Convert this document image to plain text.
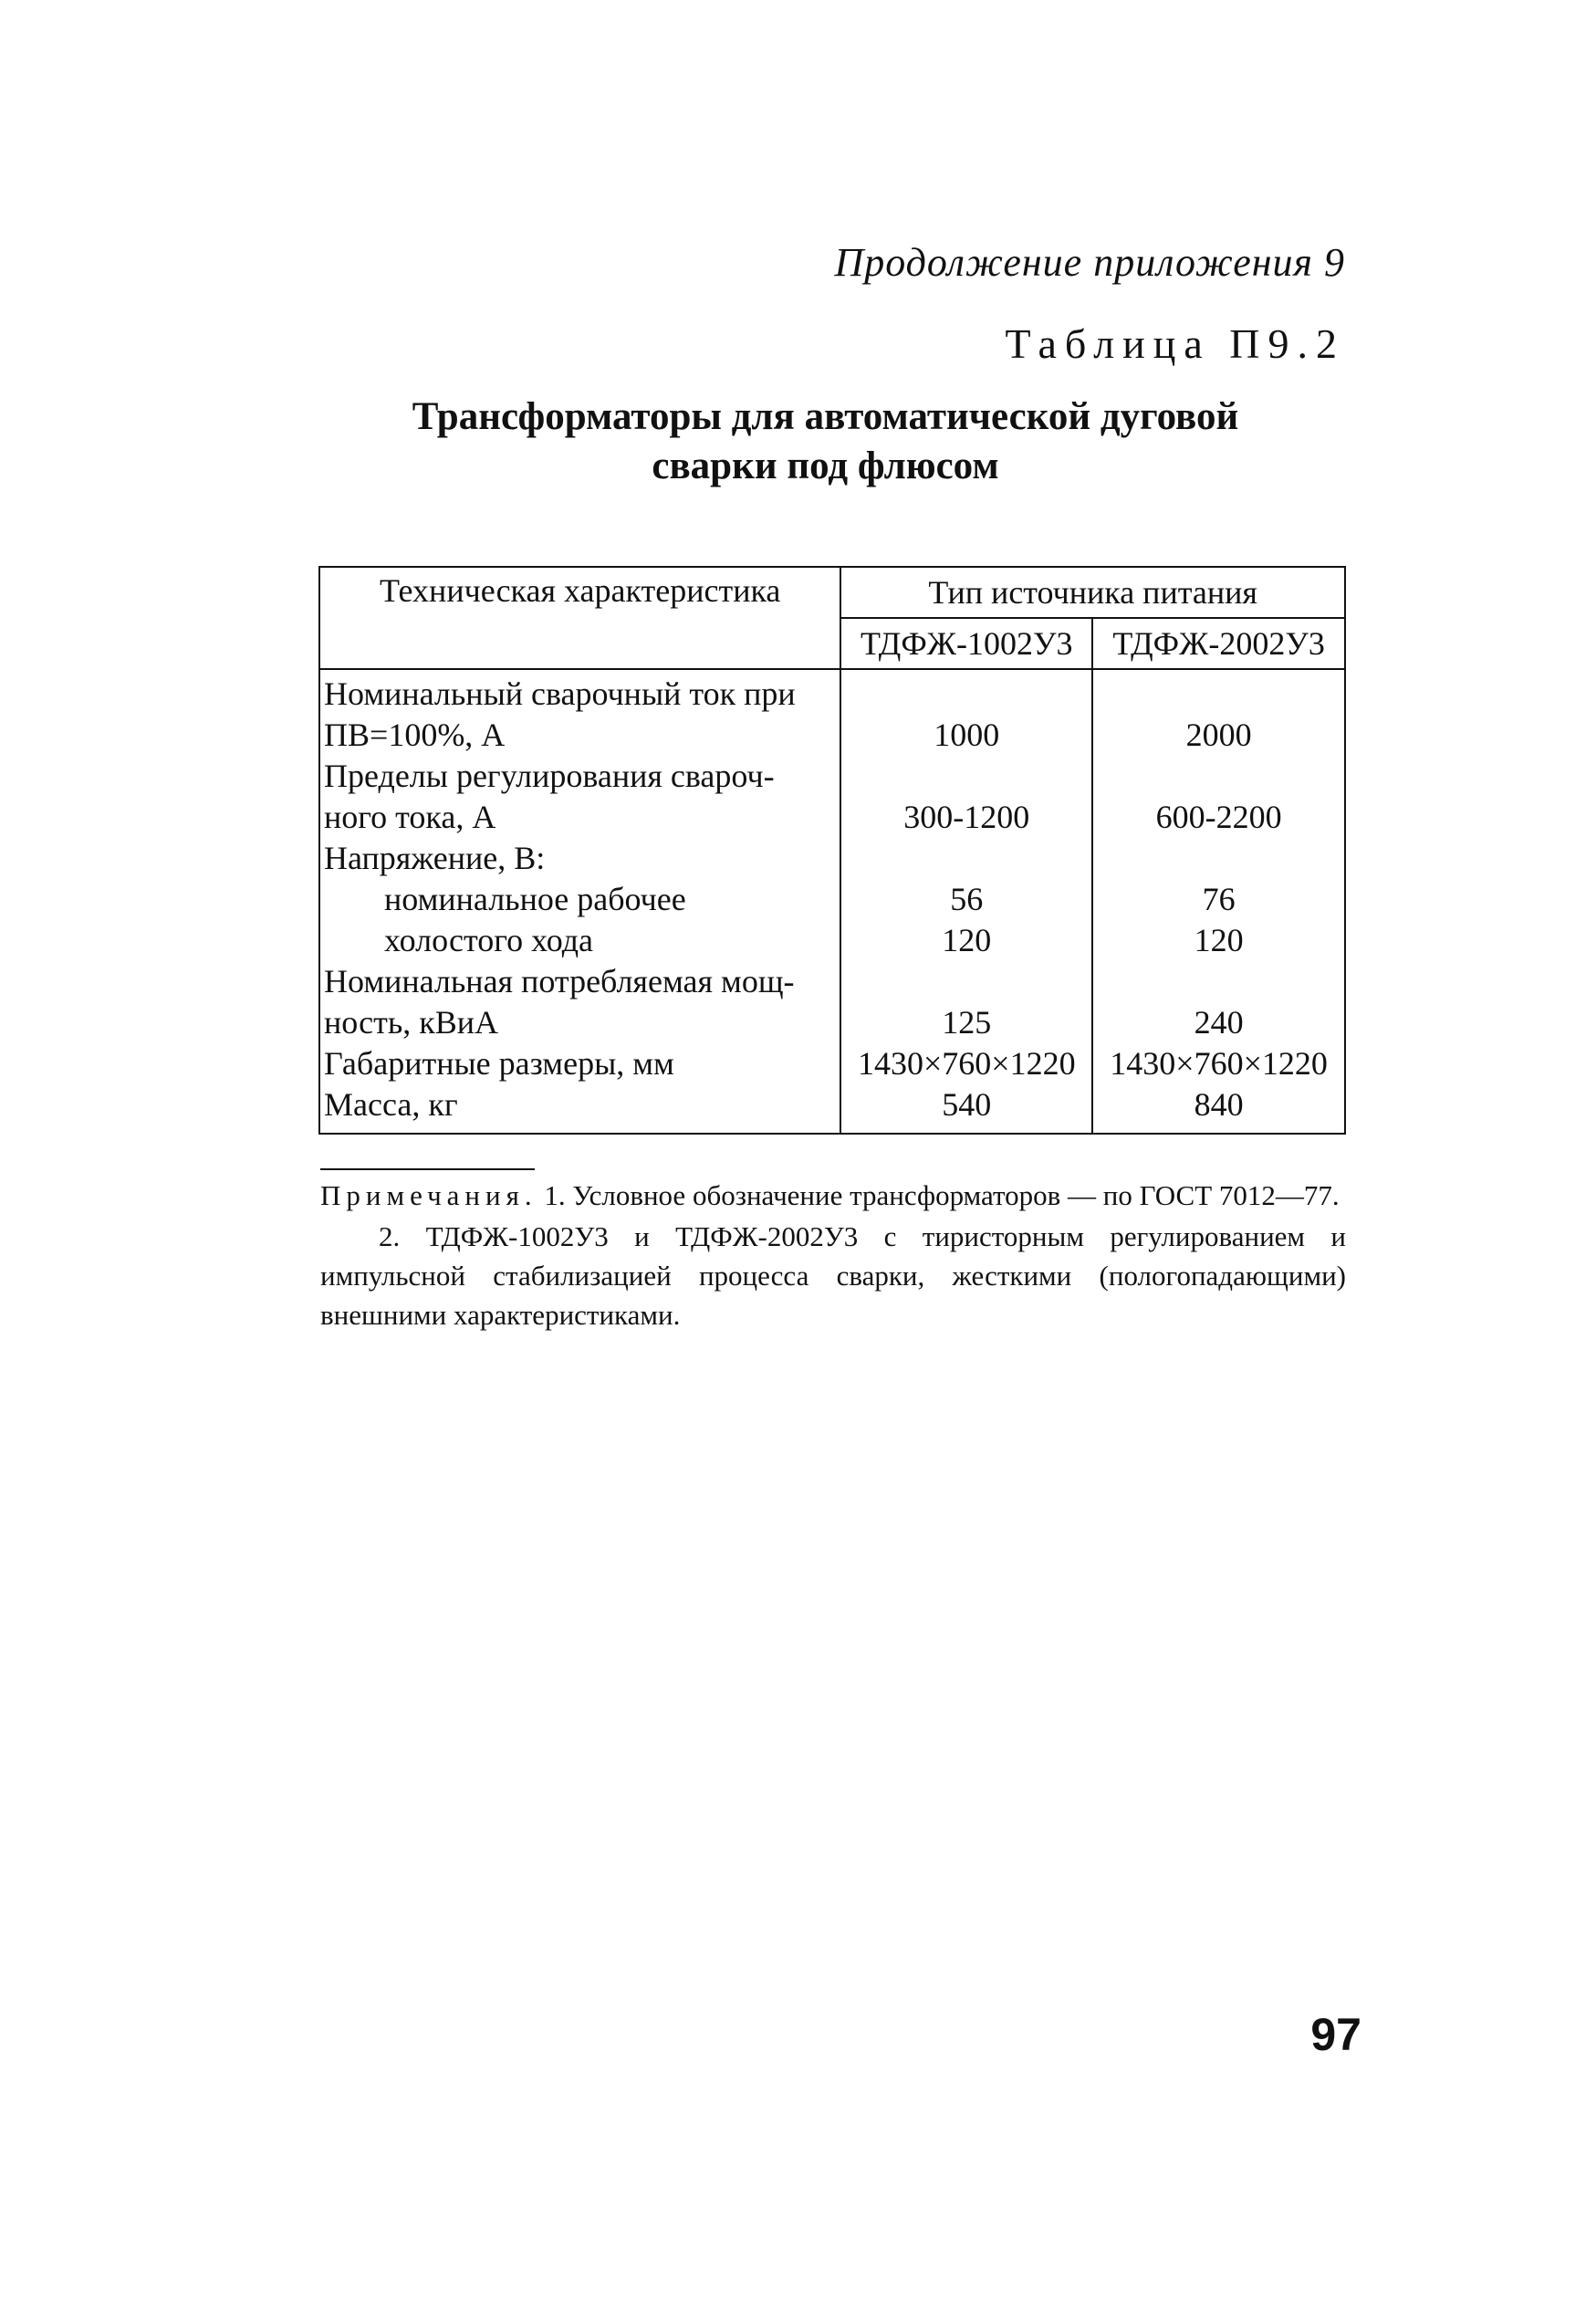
Продолжение приложения 9
Таблица П9.2
Трансформаторы для автоматической дуговой
сварки под флюсом
Техническая характеристика	Тип источника питания	
	ТДФЖ-1002У3	ТДФЖ-2002У3
Номинальный сварочный ток при		
ПВ=100%, А	1000	2000
Пределы регулирования свароч-		
ного тока, А	300-1200	600-2200
Напряжение, В:		
номинальное рабочее	56	76
холостого хода	120	120
Номинальная потребляемая мощ-		
ность, кВиА	125	240
Габаритные размеры, мм	1430×760×1220	1430×760×1220
Масса, кг	540	840

Примечания. 1. Условное обозначение трансформаторов — по ГОСТ 7012—77.

2. ТДФЖ-1002У3 и ТДФЖ-2002У3 с тиристорным регулированием и импульсной стабилизацией процесса сварки, жесткими (пологопадающими) внешними характеристиками.

97
